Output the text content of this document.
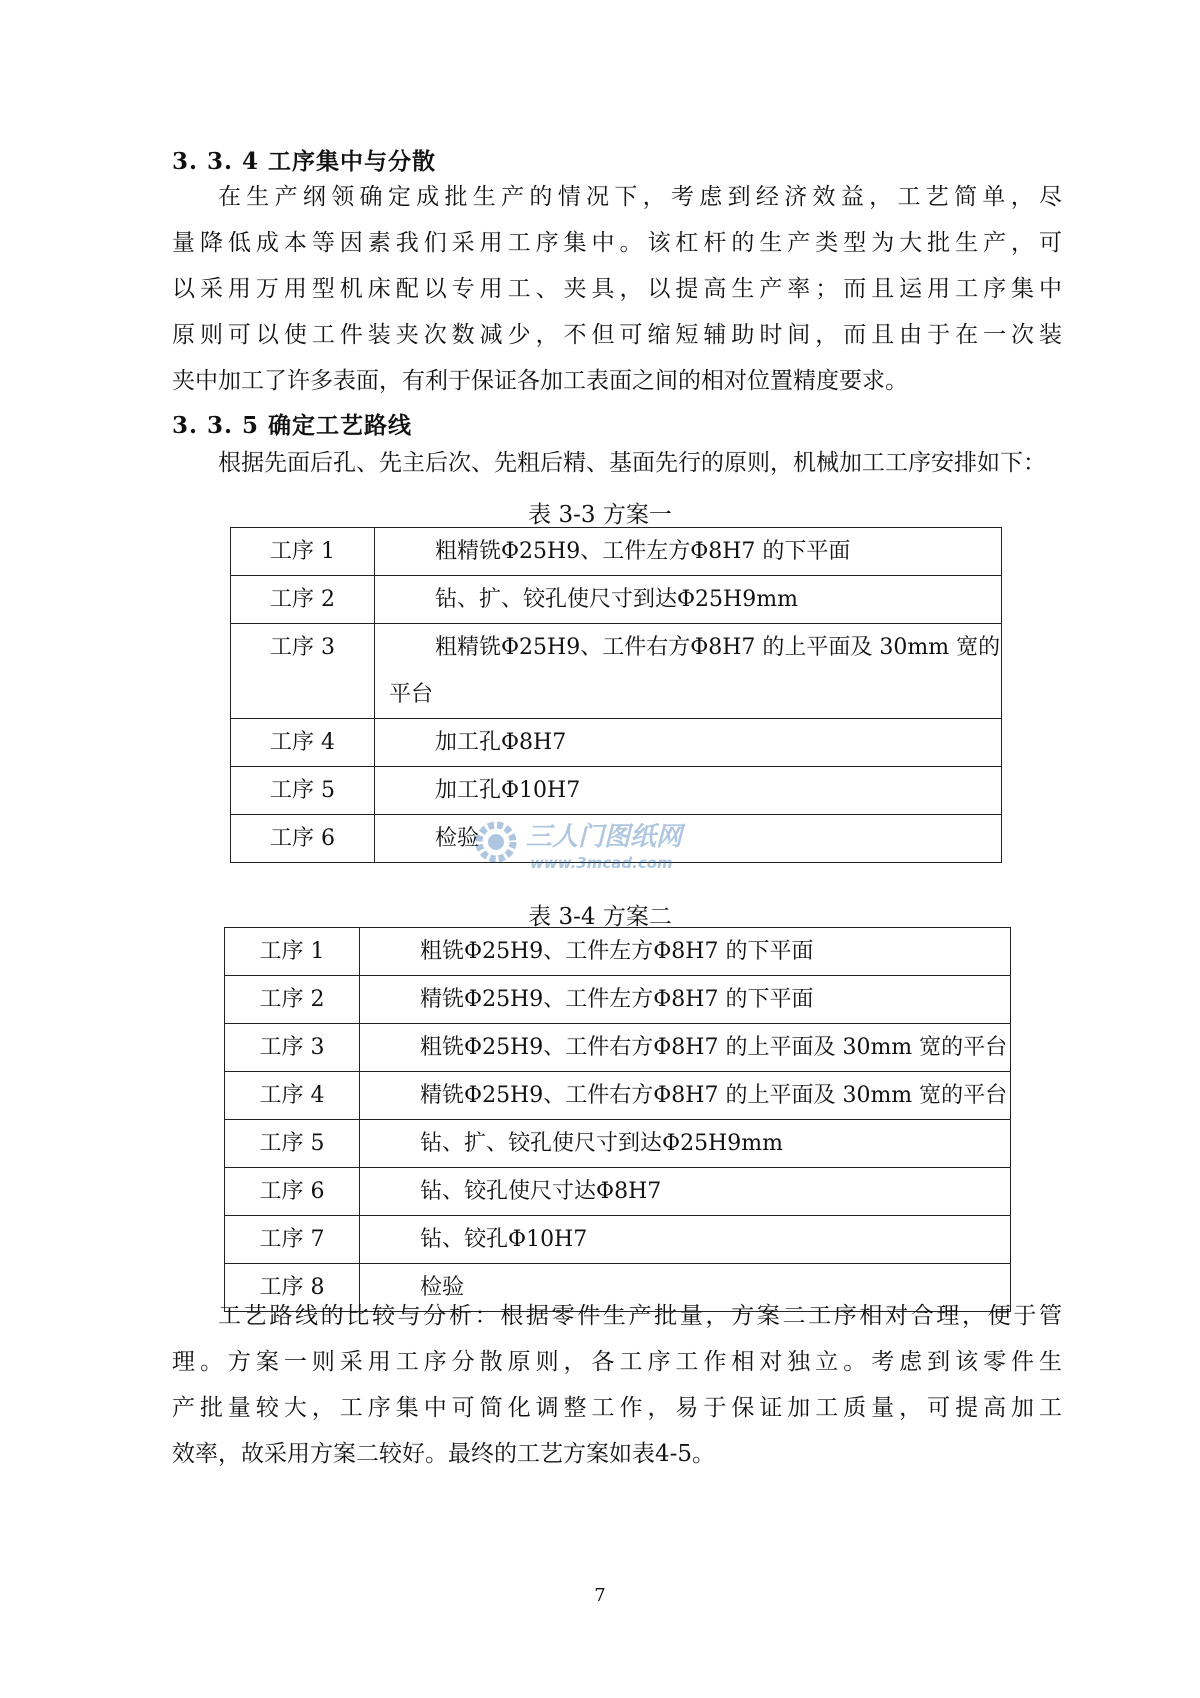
3. 3. 4 工序集中与分散
在生产纲领确定成批生产的情况下，考虑到经济效益，工艺简单，尽
量降低成本等因素我们采用工序集中。该杠杆的生产类型为大批生产，可
以采用万用型机床配以专用工、夹具，以提高生产率；而且运用工序集中
原则可以使工件装夹次数减少，不但可缩短辅助时间，而且由于在一次装
夹中加工了许多表面，有利于保证各加工表面之间的相对位置精度要求。
3. 3. 5 确定工艺路线

根据先面后孔、先主后次、先粗后精、基面先行的原则，机械加工工序安排如下：

表 3-3 方案一

工序 1	粗精铣Φ25H9、工件左方Φ8H7 的下平面

工序 2	钻、扩、铰孔使尺寸到达Φ25H9mm

工序 3	粗精铣Φ25H9、工件右方Φ8H7 的上平面及 30mm 宽的
平台

工序 4	加工孔Φ8H7

工序 5	加工孔Φ10H7

工序 6	检验

表 3-4 方案二

工序 1	粗铣Φ25H9、工件左方Φ8H7 的下平面

工序 2	精铣Φ25H9、工件左方Φ8H7 的下平面

工序 3	粗铣Φ25H9、工件右方Φ8H7 的上平面及 30mm 宽的平台

工序 4	精铣Φ25H9、工件右方Φ8H7 的上平面及 30mm 宽的平台

工序 5	钻、扩、铰孔使尺寸到达Φ25H9mm

工序 6	钻、铰孔使尺寸达Φ8H7

工序 7	钻、铰孔Φ10H7

工序 8	检验
工艺路线的比较与分析：根据零件生产批量，方案二工序相对合理，便于管
理。方案一则采用工序分散原则，各工序工作相对独立。考虑到该零件生
产批量较大，工序集中可简化调整工作，易于保证加工质量，可提高加工
效率，故采用方案二较好。最终的工艺方案如表4-5。
三人门图纸网
www.3mcad.com
7
